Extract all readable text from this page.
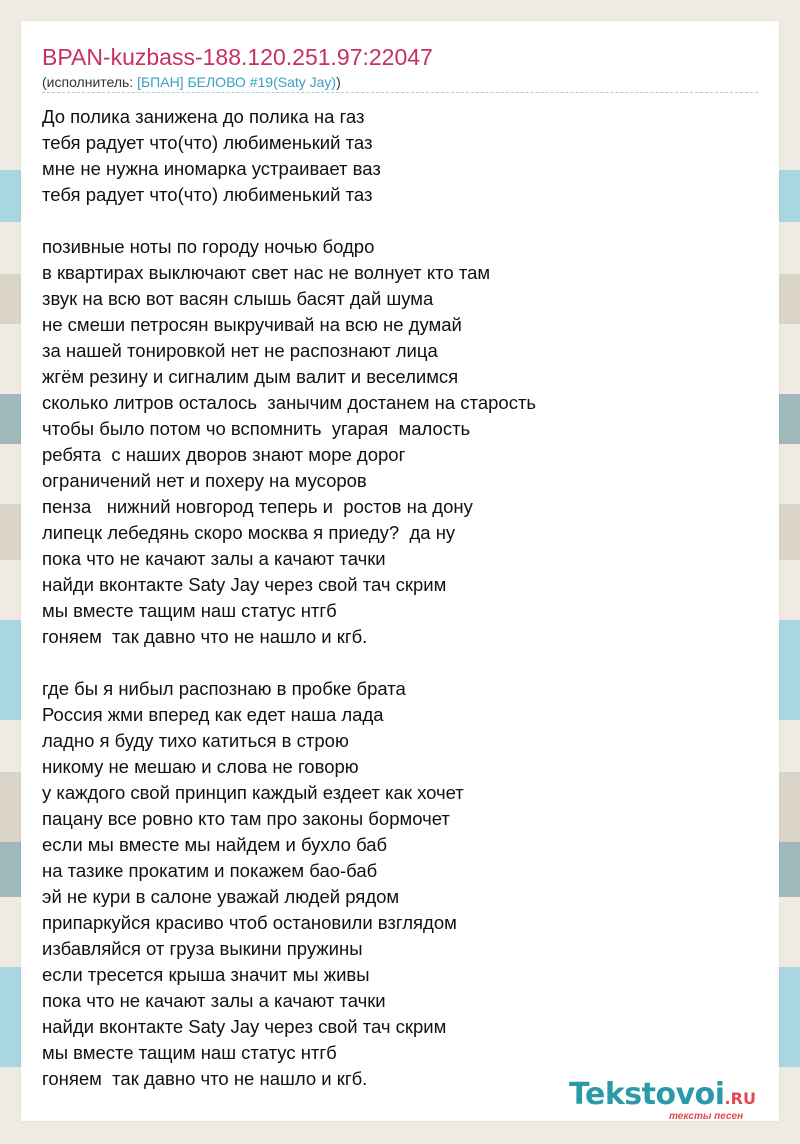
BPAN-kuzbass-188.120.251.97:22047
(исполнитель: [БПАН] БЕЛОВО #19(Saty Jay))
До полика занижена до полика на газ
тебя радует что(что) любименький таз
мне не нужна иномарка устраивает ваз
тебя радует что(что) любименький таз
позивные ноты по городу ночью бодро
в квартирах выключают свет нас не волнует кто там
звук на всю вот васян слышь басят дай шума
не смеши петросян выкручивай на всю не думай
за нашей тонировкой нет не распознают лица
жгём резину и сигналим дым валит и веселимся
сколько литров осталось  занычим достанем на старость
чтобы было потом чо вспомнить  угарая  малость
ребята  с наших дворов знают море дорог
ограничений нет и похеру на мусоров
пенза   нижний новгород теперь и  ростов на дону
липецк лебедянь скоро москва я приеду?  да ну
пока что не качают залы а качают тачки
найди вконтакте Saty Jay через свой тач скрим
мы вместе тащим наш статус нтгб
гоняем  так давно что не нашло и кгб.
где бы я нибыл распознаю в пробке брата
Россия жми вперед как едет наша лада
ладно я буду тихо катиться в строю
никому не мешаю и слова не говорю
у каждого свой принцип каждый ездеет как хочет
пацану все ровно кто там про законы бормочет
если мы вместе мы найдем и бухло баб
на тазике прокатим и покажем бао-баб
эй не кури в салоне уважай людей рядом
припаркуйся красиво чтоб остановили взглядом
избавляйся от груза выкини пружины
если тресется крыша значит мы живы
пока что не качают залы а качают тачки
найди вконтакте Saty Jay через свой тач скрим
мы вместе тащим наш статус нтгб
гоняем  так давно что не нашло и кгб.	Tekstovoi.RU
тексты песен
